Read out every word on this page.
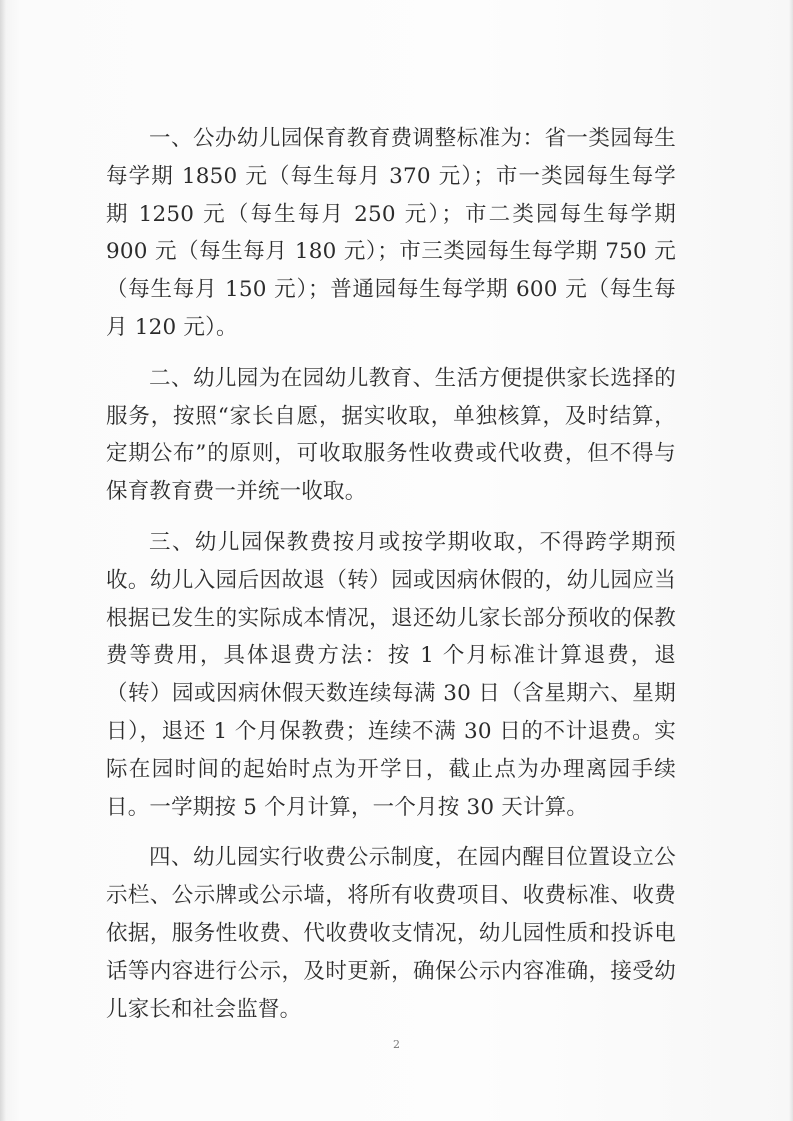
一、公办幼儿园保育教育费调整标准为：省一类园每生每学期 1850 元（每生每月 370 元）；市一类园每生每学期 1250 元（每生每月 250 元）；市二类园每生每学期 900 元（每生每月 180 元）；市三类园每生每学期 750 元（每生每月 150 元）；普通园每生每学期 600 元（每生每月 120 元）。

二、幼儿园为在园幼儿教育、生活方便提供家长选择的服务，按照“家长自愿，据实收取，单独核算，及时结算，定期公布”的原则，可收取服务性收费或代收费，但不得与保育教育费一并统一收取。

三、幼儿园保教费按月或按学期收取，不得跨学期预收。幼儿入园后因故退（转）园或因病休假的，幼儿园应当根据已发生的实际成本情况，退还幼儿家长部分预收的保教费等费用，具体退费方法：按 1 个月标准计算退费，退（转）园或因病休假天数连续每满 30 日（含星期六、星期日），退还 1 个月保教费；连续不满 30 日的不计退费。实际在园时间的起始时点为开学日，截止点为办理离园手续日。一学期按 5 个月计算，一个月按 30 天计算。

四、幼儿园实行收费公示制度，在园内醒目位置设立公示栏、公示牌或公示墙，将所有收费项目、收费标准、收费依据，服务性收费、代收费收支情况，幼儿园性质和投诉电话等内容进行公示，及时更新，确保公示内容准确，接受幼儿家长和社会监督。

2
